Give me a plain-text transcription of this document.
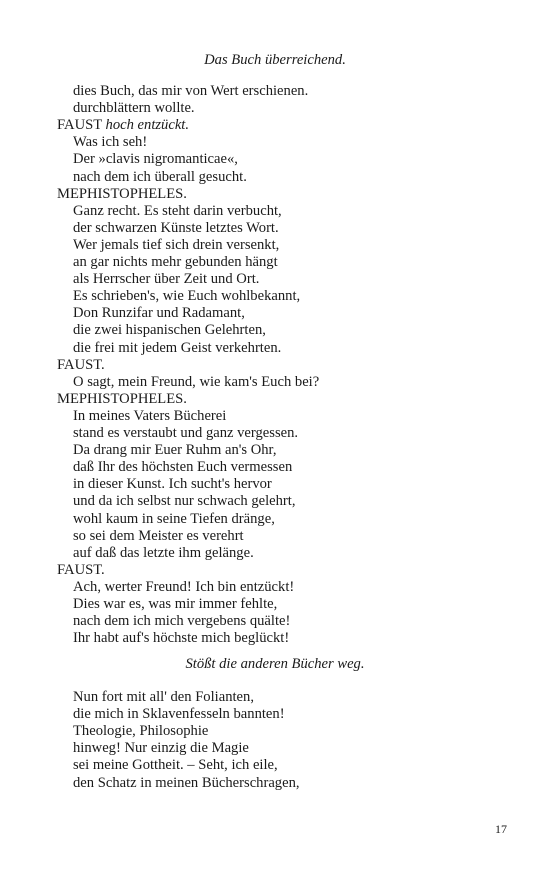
Das Buch überreichend.
dies Buch, das mir von Wert erschienen.
durchblättern wollte.
FAUST hoch entzückt.
Was ich seh!
Der »clavis nigromanticae«,
nach dem ich überall gesucht.
MEPHISTOPHELES.
Ganz recht. Es steht darin verbucht,
der schwarzen Künste letztes Wort.
Wer jemals tief sich drein versenkt,
an gar nichts mehr gebunden hängt
als Herrscher über Zeit und Ort.
Es schrieben's, wie Euch wohlbekannt,
Don Runzifar und Radamant,
die zwei hispanischen Gelehrten,
die frei mit jedem Geist verkehrten.
FAUST.
O sagt, mein Freund, wie kam's Euch bei?
MEPHISTOPHELES.
In meines Vaters Bücherei
stand es verstaubt und ganz vergessen.
Da drang mir Euer Ruhm an's Ohr,
daß Ihr des höchsten Euch vermessen
in dieser Kunst. Ich sucht's hervor
und da ich selbst nur schwach gelehrt,
wohl kaum in seine Tiefen dränge,
so sei dem Meister es verehrt
auf daß das letzte ihm gelänge.
FAUST.
Ach, werter Freund! Ich bin entzückt!
Dies war es, was mir immer fehlte,
nach dem ich mich vergebens quälte!
Ihr habt auf's höchste mich beglückt!
Stößt die anderen Bücher weg.
Nun fort mit all' den Folianten,
die mich in Sklavenfesseln bannten!
Theologie, Philosophie
hinweg! Nur einzig die Magie
sei meine Gottheit. – Seht, ich eile,
den Schatz in meinen Bücherschragen,
17
